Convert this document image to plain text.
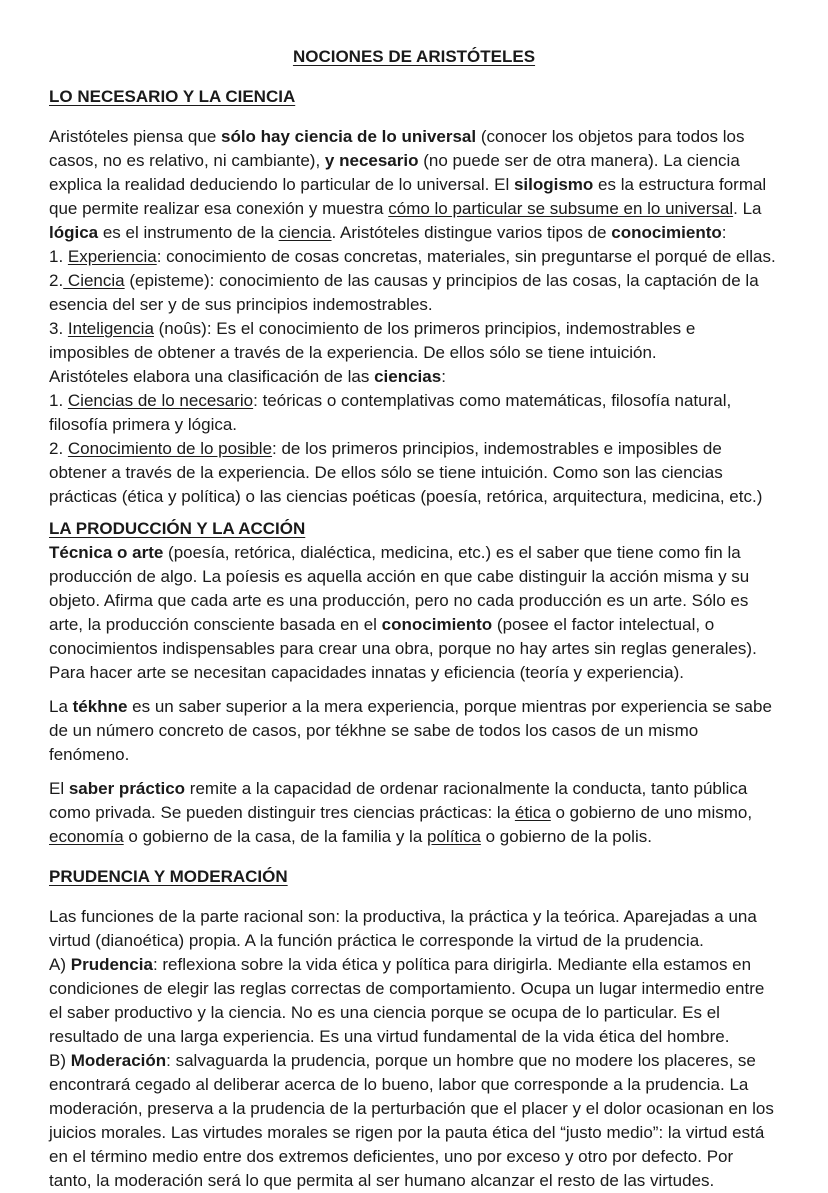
NOCIONES DE ARISTÓTELES
LO NECESARIO Y LA CIENCIA
Aristóteles piensa que sólo hay ciencia de lo universal (conocer los objetos para todos los casos, no es relativo, ni cambiante), y necesario (no puede ser de otra manera). La ciencia explica la realidad deduciendo lo particular de lo universal. El silogismo es la estructura formal que permite realizar esa conexión y muestra cómo lo particular se subsume en lo universal. La lógica es el instrumento de la ciencia. Aristóteles distingue varios tipos de conocimiento:
1. Experiencia: conocimiento de cosas concretas, materiales, sin preguntarse el porqué de ellas.
2. Ciencia (episteme): conocimiento de las causas y principios de las cosas, la captación de la esencia del ser y de sus principios indemostrables.
3. Inteligencia (noûs): Es el conocimiento de los primeros principios, indemostrables e imposibles de obtener a través de la experiencia. De ellos sólo se tiene intuición.
Aristóteles elabora una clasificación de las ciencias:
1. Ciencias de lo necesario: teóricas o contemplativas como matemáticas, filosofía natural, filosofía primera y lógica.
2. Conocimiento de lo posible: de los primeros principios, indemostrables e imposibles de obtener a través de la experiencia. De ellos sólo se tiene intuición. Como son las ciencias prácticas (ética y política) o las ciencias poéticas (poesía, retórica, arquitectura, medicina, etc.)
LA PRODUCCIÓN Y LA ACCIÓN
Técnica o arte (poesía, retórica, dialéctica, medicina, etc.) es el saber que tiene como fin la producción de algo. La poíesis es aquella acción en que cabe distinguir la acción misma y su objeto. Afirma que cada arte es una producción, pero no cada producción es un arte. Sólo es arte, la producción consciente basada en el conocimiento (posee el factor intelectual, o conocimientos indispensables para crear una obra, porque no hay artes sin reglas generales). Para hacer arte se necesitan capacidades innatas y eficiencia (teoría y experiencia).
La tékhne es un saber superior a la mera experiencia, porque mientras por experiencia se sabe de un número concreto de casos, por tékhne se sabe de todos los casos de un mismo fenómeno.
El saber práctico remite a la capacidad de ordenar racionalmente la conducta, tanto pública como privada. Se pueden distinguir tres ciencias prácticas: la ética o gobierno de uno mismo, economía o gobierno de la casa, de la familia y la política o gobierno de la polis.
PRUDENCIA Y MODERACIÓN
Las funciones de la parte racional son: la productiva, la práctica y la teórica. Aparejadas a una virtud (dianoética) propia. A la función práctica le corresponde la virtud de la prudencia.
A) Prudencia: reflexiona sobre la vida ética y política para dirigirla. Mediante ella estamos en condiciones de elegir las reglas correctas de comportamiento. Ocupa un lugar intermedio entre el saber productivo y la ciencia. No es una ciencia porque se ocupa de lo particular. Es el resultado de una larga experiencia. Es una virtud fundamental de la vida ética del hombre.
B) Moderación: salvaguarda la prudencia, porque un hombre que no modere los placeres, se encontrará cegado al deliberar acerca de lo bueno, labor que corresponde a la prudencia. La moderación, preserva a la prudencia de la perturbación que el placer y el dolor ocasionan en los juicios morales. Las virtudes morales se rigen por la pauta ética del “justo medio”: la virtud está en el término medio entre dos extremos deficientes, uno por exceso y otro por defecto. Por tanto, la moderación será lo que permita al ser humano alcanzar el resto de las virtudes.
